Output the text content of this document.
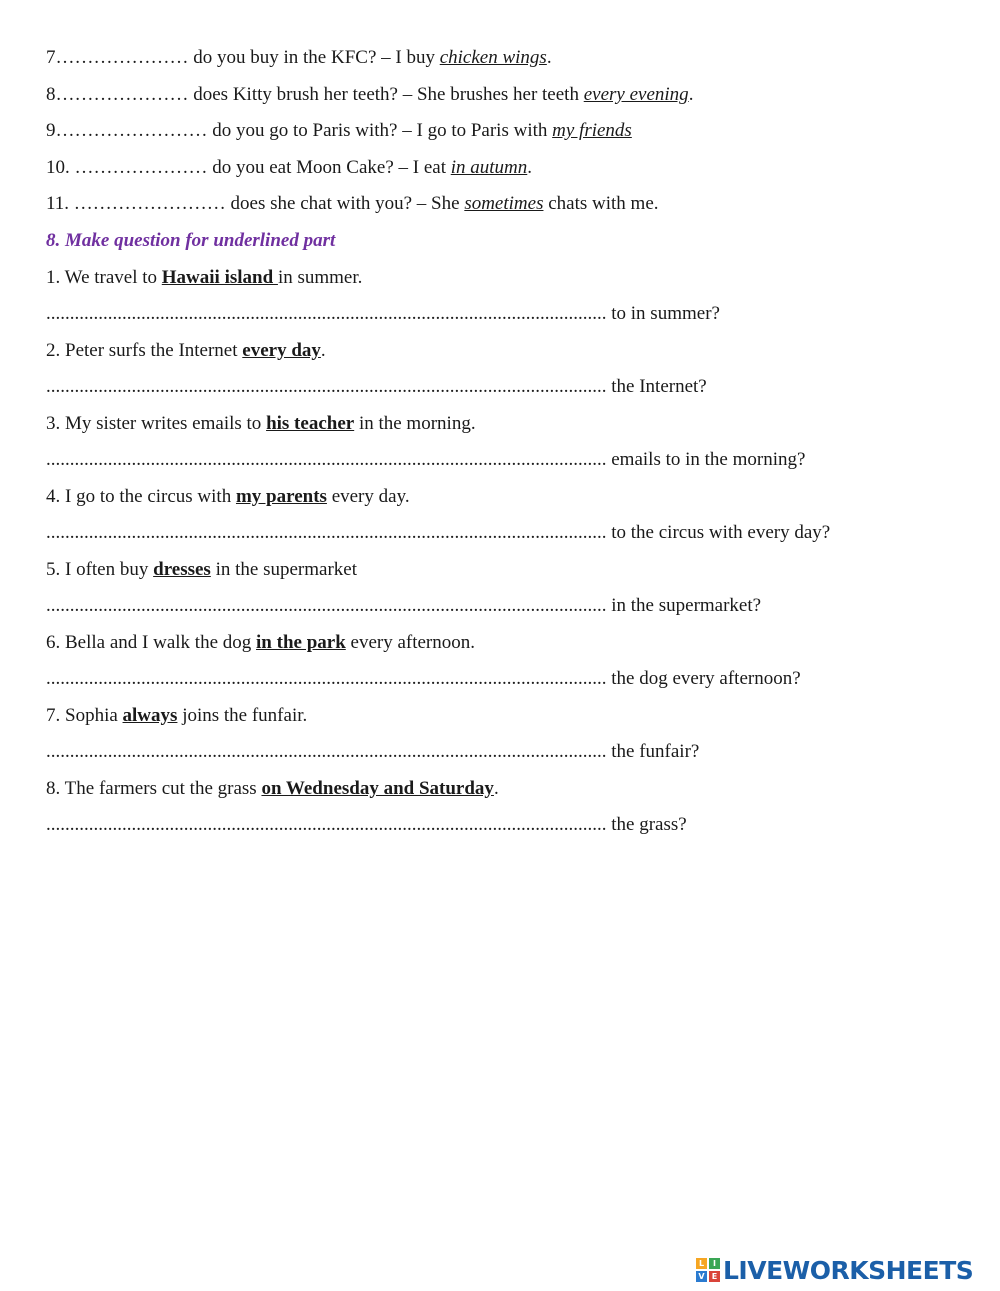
7………………… do you buy in the KFC? – I buy chicken wings.
8………………… does Kitty brush her teeth? – She brushes her teeth every evening.
9…………………… do you go to Paris with? – I go to Paris with my friends
10. ………………… do you eat Moon Cake? – I eat in autumn.
11. …………………… does she chat with you? – She sometimes chats with me.
8. Make question for underlined part
1. We travel to Hawaii island in summer.
...................................................................................................................... to in summer?
2. Peter surfs the Internet every day.
...................................................................................................................... the Internet?
3. My sister writes emails to his teacher in the morning.
...................................................................................................................... emails to in the morning?
4. I go to the circus with my parents every day.
...................................................................................................................... to the circus with every day?
5. I often buy dresses in the supermarket
...................................................................................................................... in the supermarket?
6. Bella and I walk the dog in the park every afternoon.
...................................................................................................................... the dog every afternoon?
7. Sophia always joins the funfair.
...................................................................................................................... the funfair?
8. The farmers cut the grass on Wednesday and Saturday.
...................................................................................................................... the grass?
L	I
V E LIVEWORKSHEETS
